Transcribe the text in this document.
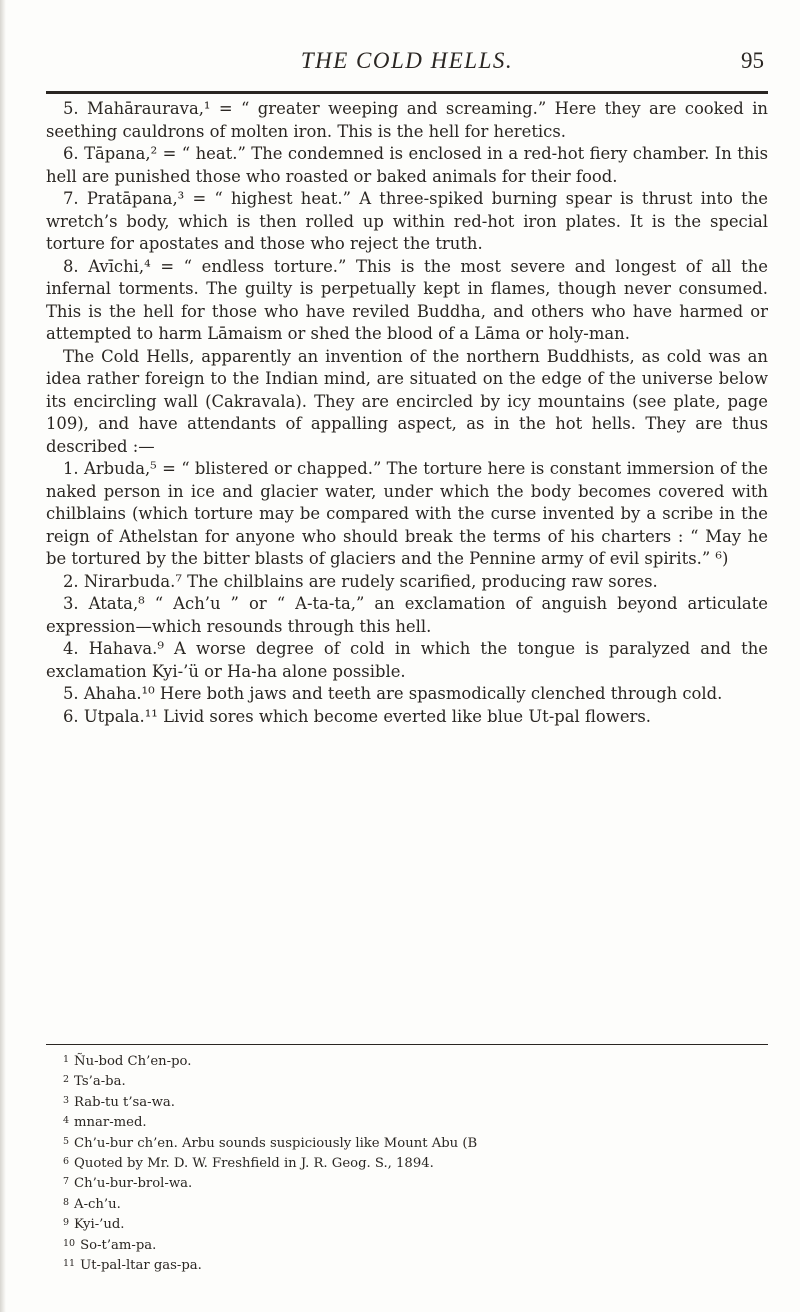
THE COLD HELLS.	95

5. Mahārauravа,¹ = “ greater weeping and screaming.” Here they are cooked in seething cauldrons of molten iron. This is the hell for heretics.

6. Tāpana,² = “ heat.” The condemned is enclosed in a red-hot fiery chamber. In this hell are punished those who roasted or baked animals for their food.

7. Pratāpana,³ = “ highest heat.” A three-spiked burning spear is thrust into the wretch’s body, which is then rolled up within red-hot iron plates. It is the special torture for apostates and those who reject the truth.

8. Avīchi,⁴ = “ endless torture.” This is the most severe and longest of all the infernal torments. The guilty is perpetually kept in flames, though never consumed. This is the hell for those who have reviled Buddha, and others who have harmed or attempted to harm Lāmaism or shed the blood of a Lāma or holy-man.

The Cold Hells, apparently an invention of the northern Buddhists, as cold was an idea rather foreign to the Indian mind, are situated on the edge of the universe below its encircling wall (Cakravala). They are encircled by icy mountains (see plate, page 109), and have attendants of appalling aspect, as in the hot hells. They are thus described :—

1. Arbuda,⁵ = “ blistered or chapped.” The torture here is constant immersion of the naked person in ice and glacier water, under which the body becomes covered with chilblains (which torture may be compared with the curse invented by a scribe in the reign of Athelstan for anyone who should break the terms of his charters : “ May he be tortured by the bitter blasts of glaciers and the Pennine army of evil spirits.” ⁶)

2. Nirarbuda.⁷ The chilblains are rudely scarified, producing raw sores.

3. Atata,⁸ “ Ach’u ” or “ A-ta-ta,” an exclamation of anguish beyond articulate expression—which resounds through this hell.

4. Hahava.⁹ A worse degree of cold in which the tongue is paralyzed and the exclamation Kyi-’ü or Ha-ha alone possible.

5. Ahaha.¹⁰ Here both jaws and teeth are spasmodically clenched through cold.

6. Utpala.¹¹ Livid sores which become everted like blue Ut-pal flowers.

$^1$ Ñu-bod Ch’en-po.

$^2$ Ts’a-ba.

$^3$ Rab-tu t’sa-wa.

$^4$ mnar-med.

$^5$ Ch’u-bur ch’en. Arbu sounds suspiciously like Mount Abu (B

$^6$ Quoted by Mr. D. W. Freshfield in J. R. Geog. S., 1894.

$^7$ Ch’u-bur-brol-wa.

$^8$ A-ch’u.

$^9$ Kyi-’ud.

$^{10}$ So-t’am-pa.

$^{11}$ Ut-pal-ltar gas-pa.
